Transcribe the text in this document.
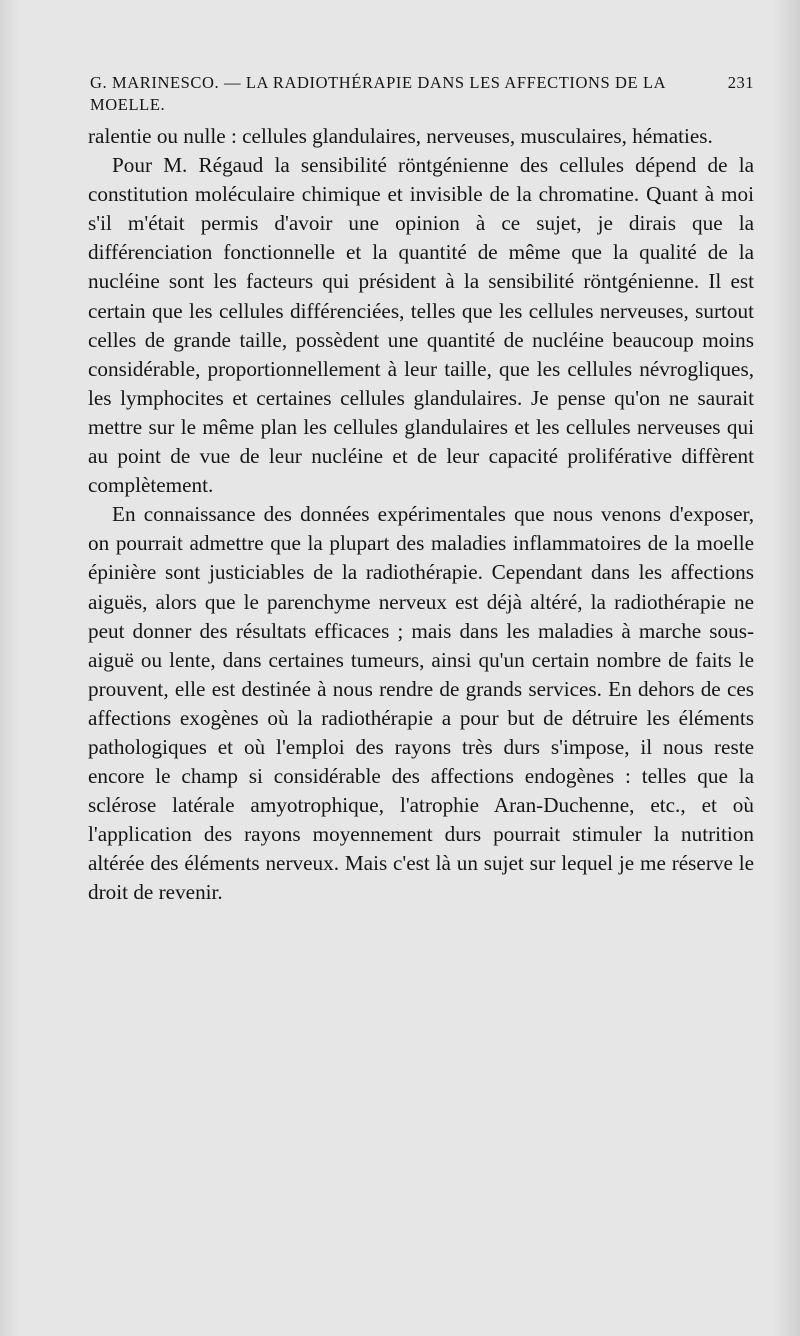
G. MARINESCO. — LA RADIOTHÉRAPIE DANS LES AFFECTIONS DE LA MOELLE.
231

ralentie ou nulle : cellules glandulaires, nerveuses, musculaires, hématies.

Pour M. Régaud la sensibilité röntgénienne des cellules dépend de la constitution moléculaire chimique et invisible de la chromatine. Quant à moi s'il m'était permis d'avoir une opinion à ce sujet, je dirais que la différenciation fonctionnelle et la quantité de même que la qualité de la nucléine sont les facteurs qui président à la sensibilité röntgénienne. Il est certain que les cellules différenciées, telles que les cellules nerveuses, surtout celles de grande taille, possèdent une quantité de nucléine beaucoup moins considérable, proportionnellement à leur taille, que les cellules névrogliques, les lymphocites et certaines cellules glandulaires. Je pense qu'on ne saurait mettre sur le même plan les cellules glandulaires et les cellules nerveuses qui au point de vue de leur nucléine et de leur capacité proliférative diffèrent complètement.

En connaissance des données expérimentales que nous venons d'exposer, on pourrait admettre que la plupart des maladies inflammatoires de la moelle épinière sont justiciables de la radiothérapie. Cependant dans les affections aiguës, alors que le parenchyme nerveux est déjà altéré, la radiothérapie ne peut donner des résultats efficaces ; mais dans les maladies à marche sous-aiguë ou lente, dans certaines tumeurs, ainsi qu'un certain nombre de faits le prouvent, elle est destinée à nous rendre de grands services. En dehors de ces affections exogènes où la radiothérapie a pour but de détruire les éléments pathologiques et où l'emploi des rayons très durs s'impose, il nous reste encore le champ si considérable des affections endogènes : telles que la sclérose latérale amyotrophique, l'atrophie Aran-Duchenne, etc., et où l'application des rayons moyennement durs pourrait stimuler la nutrition altérée des éléments nerveux. Mais c'est là un sujet sur lequel je me réserve le droit de revenir.
